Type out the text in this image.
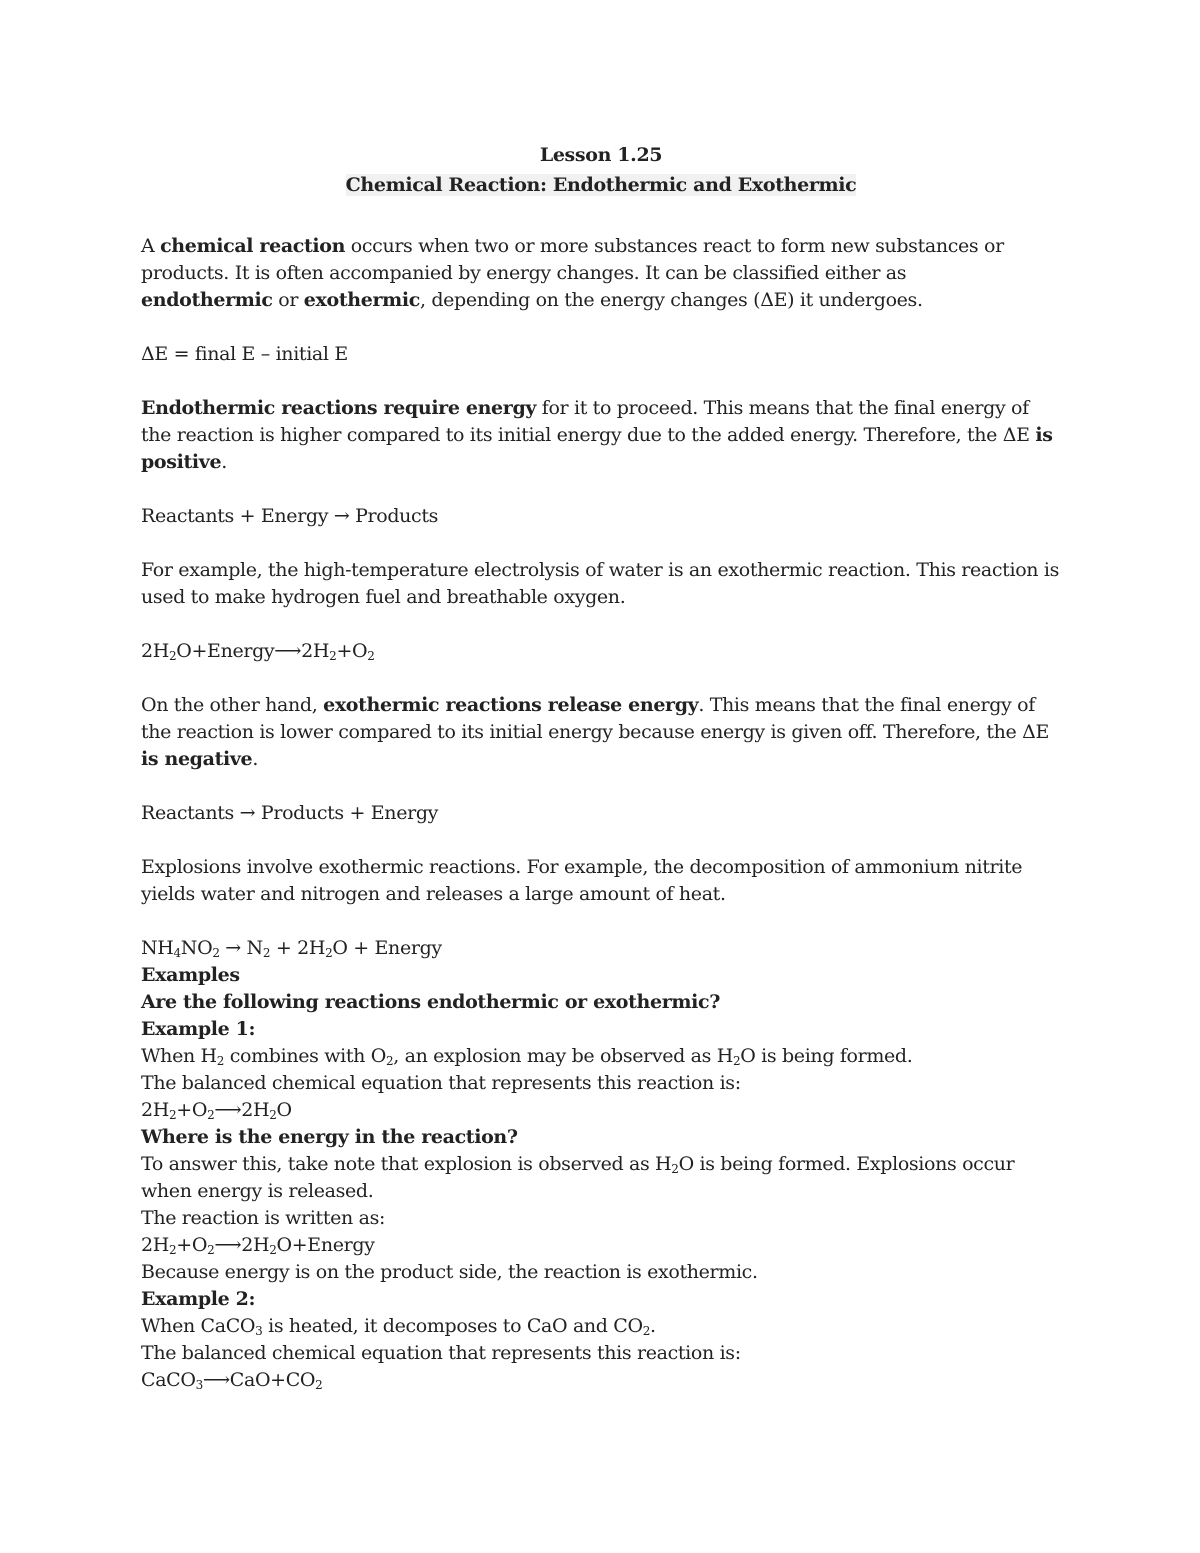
Lesson 1.25

Chemical Reaction: Endothermic and Exothermic

A chemical reaction occurs when two or more substances react to form new substances or products. It is often accompanied by energy changes. It can be classified either as endothermic or exothermic, depending on the energy changes (ΔE) it undergoes.

ΔE = final E – initial E

Endothermic reactions require energy for it to proceed. This means that the final energy of the reaction is higher compared to its initial energy due to the added energy. Therefore, the ΔE is positive.

Reactants + Energy → Products

For example, the high-temperature electrolysis of water is an exothermic reaction. This reaction is used to make hydrogen fuel and breathable oxygen.

$2H_2O+Energy⟶2H_2+O_2$

On the other hand, exothermic reactions release energy. This means that the final energy of the reaction is lower compared to its initial energy because energy is given off. Therefore, the ΔE is negative.

Reactants → Products + Energy

Explosions involve exothermic reactions. For example, the decomposition of ammonium nitrite yields water and nitrogen and releases a large amount of heat.

$NH_4NO_2 \to N_2 + 2H_2O$ + Energy

Examples

Are the following reactions endothermic or exothermic?

Example 1:

When $H_2$ combines with $O_2$, an explosion may be observed as $H_2O$ is being formed.

The balanced chemical equation that represents this reaction is:

$2H_2+O_2⟶2H_2O$

Where is the energy in the reaction?

To answer this, take note that explosion is observed as $H_2O$ is being formed. Explosions occur when energy is released.

The reaction is written as:

$2H_2+O_2⟶2H_2O+Energy$

Because energy is on the product side, the reaction is exothermic.

Example 2:

When CaCO$_3$ is heated, it decomposes to CaO and $CO_2$.

The balanced chemical equation that represents this reaction is:

$CaCO_3⟶CaO+CO_2$
